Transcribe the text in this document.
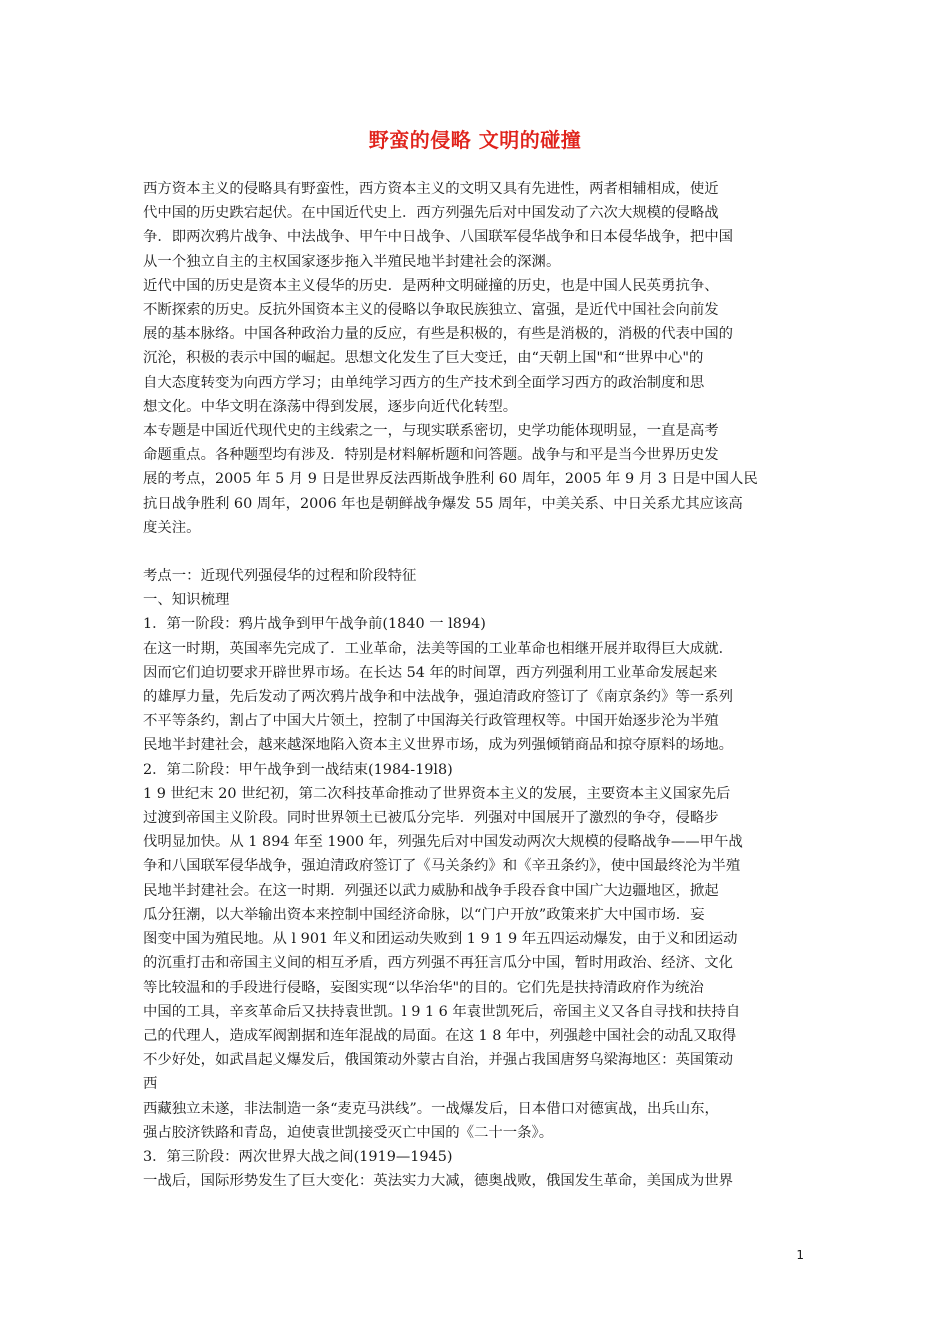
野蛮的侵略 文明的碰撞

西方资本主义的侵略具有野蛮性，西方资本主义的文明又具有先进性，两者相辅相成，使近

代中国的历史跌宕起伏。在中国近代史上．西方列强先后对中国发动了六次大规模的侵略战

争．即两次鸦片战争、中法战争、甲午中日战争、八国联军侵华战争和日本侵华战争，把中国

从一个独立自主的主权国家逐步拖入半殖民地半封建社会的深渊。

近代中国的历史是资本主义侵华的历史．是两种文明碰撞的历史，也是中国人民英勇抗争、

不断探索的历史。反抗外国资本主义的侵略以争取民族独立、富强，是近代中国社会向前发

展的基本脉络。中国各种政治力量的反应，有些是积极的，有些是消极的，消极的代表中国的

沉沦，积极的表示中国的崛起。思想文化发生了巨大变迁，由“天朝上国"和“世界中心"的

自大态度转变为向西方学习；由单纯学习西方的生产技术到全面学习西方的政治制度和思

想文化。中华文明在涤荡中得到发展，逐步向近代化转型。

本专题是中国近代现代史的主线索之一，与现实联系密切，史学功能体现明显，一直是高考

命题重点。各种题型均有涉及．特别是材料解析题和问答题。战争与和平是当今世界历史发

展的考点，2005 年 5 月 9 日是世界反法西斯战争胜利 60 周年，2005 年 9 月 3 日是中国人民

抗日战争胜利 60 周年，2006 年也是朝鲜战争爆发 55 周年，中美关系、中日关系尤其应该高

度关注。

考点一：近现代列强侵华的过程和阶段特征

一、知识梳理

1．第一阶段：鸦片战争到甲午战争前(1840 一 l894)

在这一时期，英国率先完成了．工业革命，法美等国的工业革命也相继开展并取得巨大成就．

因而它们迫切要求开辟世界市场。在长达 54 年的时间罩，西方列强利用工业革命发展起来

的雄厚力量，先后发动了两次鸦片战争和中法战争，强迫清政府签订了《南京条约》等一系列

不平等条约，割占了中国大片领土，控制了中国海关行政管理权等。中国开始逐步沦为半殖

民地半封建社会，越来越深地陷入资本主义世界市场，成为列强倾销商品和掠夺原料的场地。

2．第二阶段：甲午战争到一战结束(1984-19l8)

1 9 世纪末 20 世纪初，第二次科技革命推动了世界资本主义的发展，主要资本主义国家先后

过渡到帝国主义阶段。同时世界领土已被瓜分完毕．列强对中国展开了激烈的争夺，侵略步

伐明显加快。从 1 894 年至 1900 年，列强先后对中国发动两次大规模的侵略战争——甲午战

争和八国联军侵华战争，强迫清政府签订了《马关条约》和《辛丑条约》，使中国最终沦为半殖

民地半封建社会。在这一时期．列强还以武力威胁和战争手段吞食中国广大边疆地区，掀起

瓜分狂潮，以大举输出资本来控制中国经济命脉，以“门户开放”政策来扩大中国市场．妄

图变中国为殖民地。从 l 901 年义和团运动失败到 1 9 1 9 年五四运动爆发，由于义和团运动

的沉重打击和帝国主义间的相互矛盾，西方列强不再狂言瓜分中国，暂时用政治、经济、文化

等比较温和的手段进行侵略，妄图实现“以华治华"的目的。它们先是扶持清政府作为统治

中国的工具，辛亥革命后又扶持袁世凯。l 9 1 6 年袁世凯死后，帝国主义又各自寻找和扶持自

己的代理人，造成军阀割据和连年混战的局面。在这 1 8 年中，列强趁中国社会的动乱又取得

不少好处，如武昌起义爆发后，俄国策动外蒙古自治，并强占我国唐努乌梁海地区：英国策动

西

西藏独立未遂，非法制造一条“麦克马洪线”。一战爆发后，日本借口对德寅战，出兵山东，

强占胶济铁路和青岛，迫使袁世凯接受灭亡中国的《二十一条》。

3．第三阶段：两次世界大战之间(1919—1945)

一战后，国际形势发生了巨大变化：英法实力大减，德奥战败，俄国发生革命，美国成为世界

1
